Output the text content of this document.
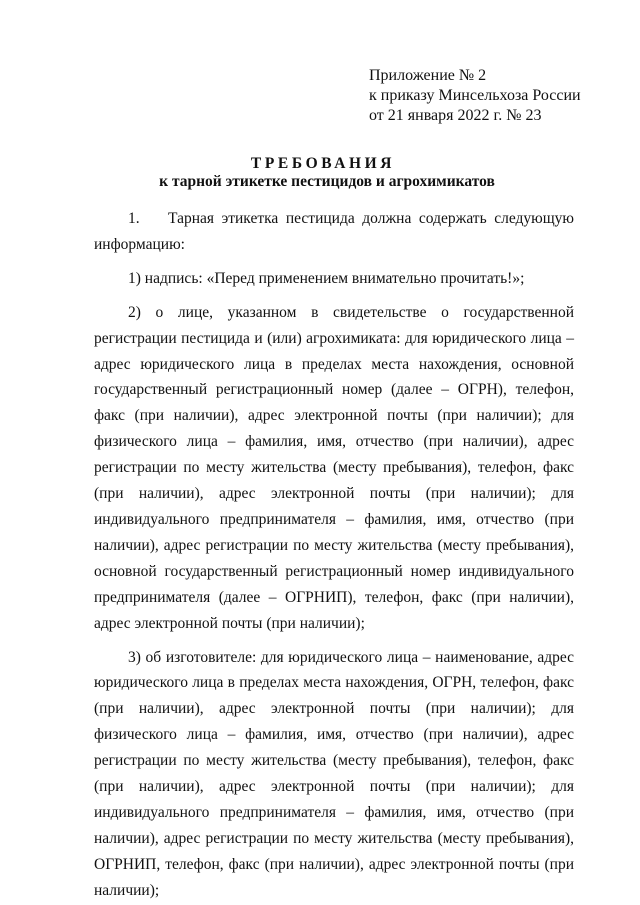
Приложение № 2
к приказу Минсельхоза России
от 21 января 2022 г. № 23
ТРЕБОВАНИЯ
к тарной этикетке пестицидов и агрохимикатов

1. Тарная этикетка пестицида должна содержать следующую информацию:

1) надпись: «Перед применением внимательно прочитать!»;

2) о лице, указанном в свидетельстве о государственной регистрации пестицида и (или) агрохимиката: для юридического лица – адрес юридического лица в пределах места нахождения, основной государственный регистрационный номер (далее – ОГРН), телефон, факс (при наличии), адрес электронной почты (при наличии); для физического лица – фамилия, имя, отчество (при наличии), адрес регистрации по месту жительства (месту пребывания), телефон, факс (при наличии), адрес электронной почты (при наличии); для индивидуального предпринимателя – фамилия, имя, отчество (при наличии), адрес регистрации по месту жительства (месту пребывания), основной государственный регистрационный номер индивидуального предпринимателя (далее – ОГРНИП), телефон, факс (при наличии), адрес электронной почты (при наличии);

3) об изготовителе: для юридического лица – наименование, адрес юридического лица в пределах места нахождения, ОГРН, телефон, факс (при наличии), адрес электронной почты (при наличии); для физического лица – фамилия, имя, отчество (при наличии), адрес регистрации по месту жительства (месту пребывания), телефон, факс (при наличии), адрес электронной почты (при наличии); для индивидуального предпринимателя – фамилия, имя, отчество (при наличии), адрес регистрации по месту жительства (месту пребывания), ОГРНИП, телефон, факс (при наличии), адрес электронной почты (при наличии);
